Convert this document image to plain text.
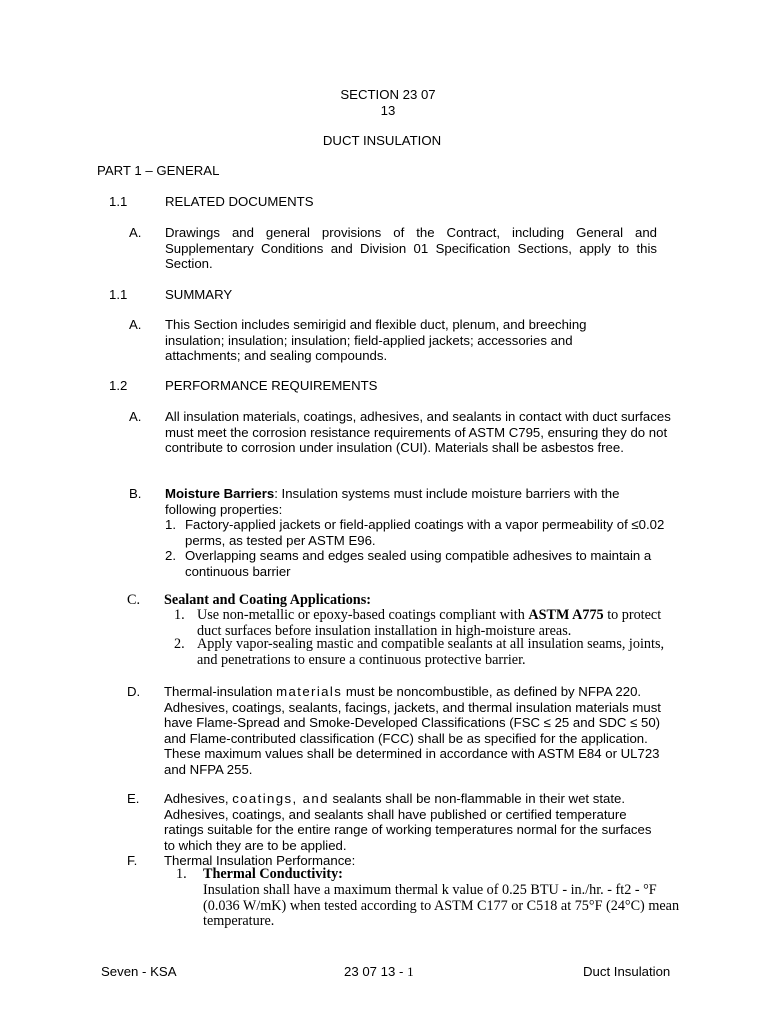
SECTION 23 07
13
DUCT INSULATION
PART 1 – GENERAL
1.1	RELATED DOCUMENTS
A. Drawings and general provisions of the Contract, including General and Supplementary Conditions and Division 01 Specification Sections, apply to this Section.
1.1	SUMMARY
A. This Section includes semirigid and flexible duct, plenum, and breeching insulation; insulation; insulation; field-applied jackets; accessories and attachments; and sealing compounds.
1.2	PERFORMANCE REQUIREMENTS
A. All insulation materials, coatings, adhesives, and sealants in contact with duct surfaces must meet the corrosion resistance requirements of ASTM C795, ensuring they do not contribute to corrosion under insulation (CUI). Materials shall be asbestos free.
B. Moisture Barriers: Insulation systems must include moisture barriers with the following properties:
1. Factory-applied jackets or field-applied coatings with a vapor permeability of ≤0.02 perms, as tested per ASTM E96.
2. Overlapping seams and edges sealed using compatible adhesives to maintain a continuous barrier
C. Sealant and Coating Applications:
1. Use non-metallic or epoxy-based coatings compliant with ASTM A775 to protect duct surfaces before insulation installation in high-moisture areas.
2. Apply vapor-sealing mastic and compatible sealants at all insulation seams, joints, and penetrations to ensure a continuous protective barrier.
D. Thermal-insulation materials must be noncombustible, as defined by NFPA 220. Adhesives, coatings, sealants, facings, jackets, and thermal insulation materials must have Flame-Spread and Smoke-Developed Classifications (FSC ≤ 25 and SDC ≤ 50) and Flame-contributed classification (FCC) shall be as specified for the application. These maximum values shall be determined in accordance with ASTM E84 or UL723 and NFPA 255.
E. Adhesives, coatings, and sealants shall be non-flammable in their wet state. Adhesives, coatings, and sealants shall have published or certified temperature ratings suitable for the entire range of working temperatures normal for the surfaces to which they are to be applied.
F. Thermal Insulation Performance:
1. Thermal Conductivity:
Insulation shall have a maximum thermal k value of 0.25 BTU - in./hr. - ft2 - °F (0.036 W/mK) when tested according to ASTM C177 or C518 at 75°F (24°C) mean temperature.
Seven - KSA	23 07 13 - 1	Duct Insulation
